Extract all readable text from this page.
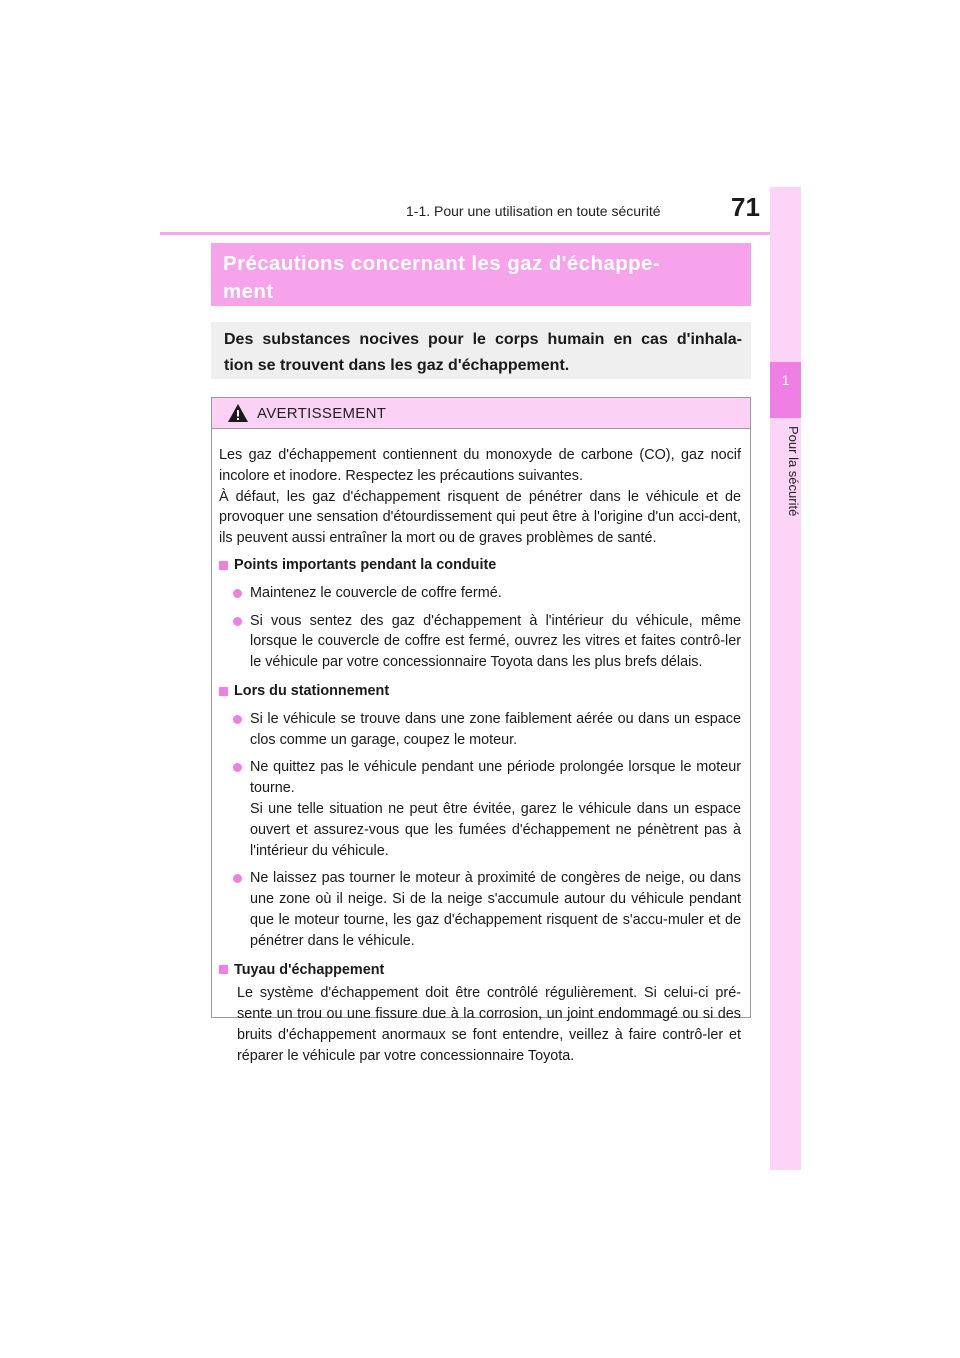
1-1. Pour une utilisation en toute sécurité	71
1
Pour la sécurité
Précautions concernant les gaz d'échappe-
ment
Des substances nocives pour le corps humain en cas d'inhala-
tion se trouvent dans les gaz d'échappement.
AVERTISSEMENT

Les gaz d'échappement contiennent du monoxyde de carbone (CO), gaz nocif incolore et inodore. Respectez les précautions suivantes.

À défaut, les gaz d'échappement risquent de pénétrer dans le véhicule et de provoquer une sensation d'étourdissement qui peut être à l'origine d'un acci-dent, ils peuvent aussi entraîner la mort ou de graves problèmes de santé.

Points importants pendant la conduite
Maintenez le couvercle de coffre fermé.
Si vous sentez des gaz d'échappement à l'intérieur du véhicule, même lorsque le couvercle de coffre est fermé, ouvrez les vitres et faites contrô-ler le véhicule par votre concessionnaire Toyota dans les plus brefs délais.
Lors du stationnement
Si le véhicule se trouve dans une zone faiblement aérée ou dans un espace clos comme un garage, coupez le moteur.
Ne quittez pas le véhicule pendant une période prolongée lorsque le moteur tourne.
Si une telle situation ne peut être évitée, garez le véhicule dans un espace ouvert et assurez-vous que les fumées d'échappement ne pénètrent pas à l'intérieur du véhicule.
Ne laissez pas tourner le moteur à proximité de congères de neige, ou dans une zone où il neige. Si de la neige s'accumule autour du véhicule pendant que le moteur tourne, les gaz d'échappement risquent de s'accu-muler et de pénétrer dans le véhicule.
Tuyau d'échappement
Le système d'échappement doit être contrôlé régulièrement. Si celui-ci pré-sente un trou ou une fissure due à la corrosion, un joint endommagé ou si des bruits d'échappement anormaux se font entendre, veillez à faire contrô-ler et réparer le véhicule par votre concessionnaire Toyota.
